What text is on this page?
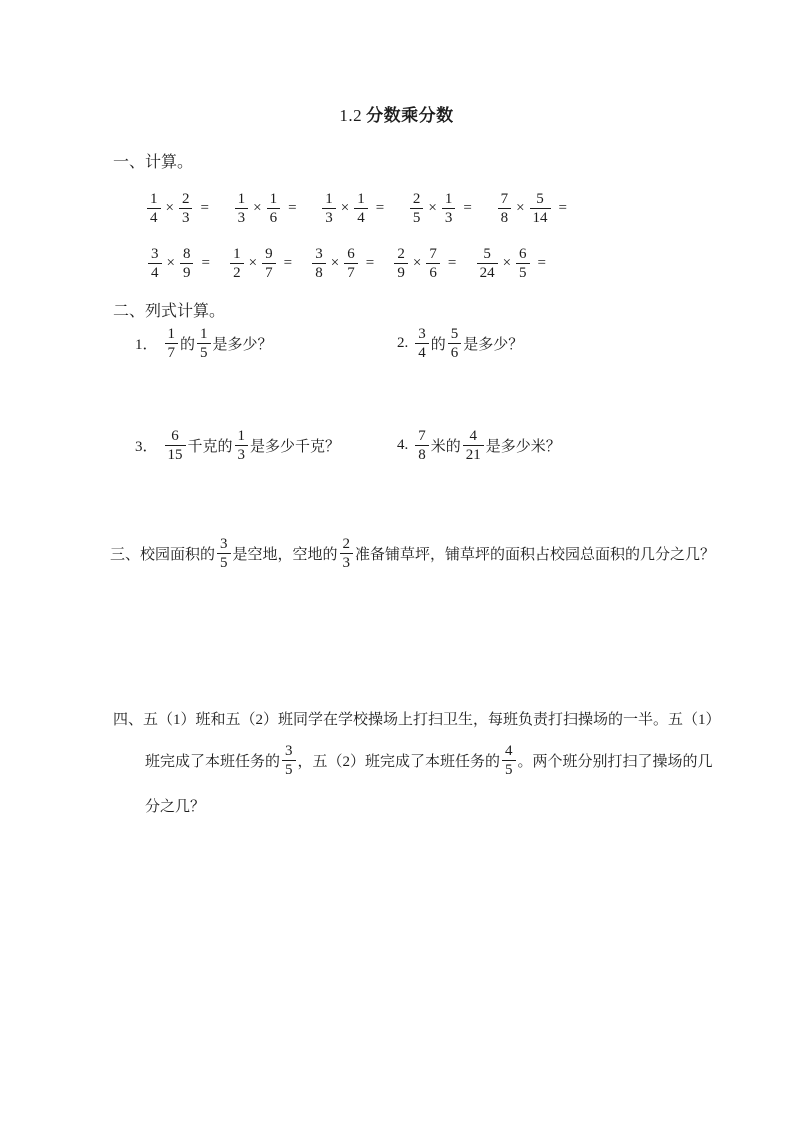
1.2 分数乘分数
一、计算。
$\frac{1}{4} \times \frac{2}{3} = \frac{1}{3} \times \frac{1}{6} = \frac{1}{3} \times \frac{1}{4} = \frac{2}{5} \times \frac{1}{3} = \frac{7}{8} \times \frac{5}{14}$ =
$\frac{3}{4} \times \frac{8}{9} = \frac{1}{2} \times \frac{9}{7} = \frac{3}{8} \times \frac{6}{7} = \frac{2}{9} \times \frac{7}{6} = \frac{5}{24} \times \frac{6}{5}$ =
二、列式计算。
1． $\frac{1}{7}$ 的 $\frac{1}{5}$ 是多少？	2. $\frac{3}{4}$ 的 $\frac{5}{6}$ 是多少？
3． $\frac{6}{15}$ 千克的 $\frac{1}{3}$ 是多少千克？	4. $\frac{7}{8}$ 米的 $\frac{4}{21}$ 是多少米？
三、校园面积的 $\frac{3}{5}$ 是空地，空地的 $\frac{2}{3}$ 准备铺草坪，铺草坪的面积占校园总面积的几分之几？
四、五（1）班和五（2）班同学在学校操场上打扫卫生，每班负责打扫操场的一半。五（1）
班完成了本班任务的 $\frac{3}{5}$ ，五（2）班完成了本班任务的 $\frac{4}{5}$ 。两个班分别打扫了操场的几
分之几？
